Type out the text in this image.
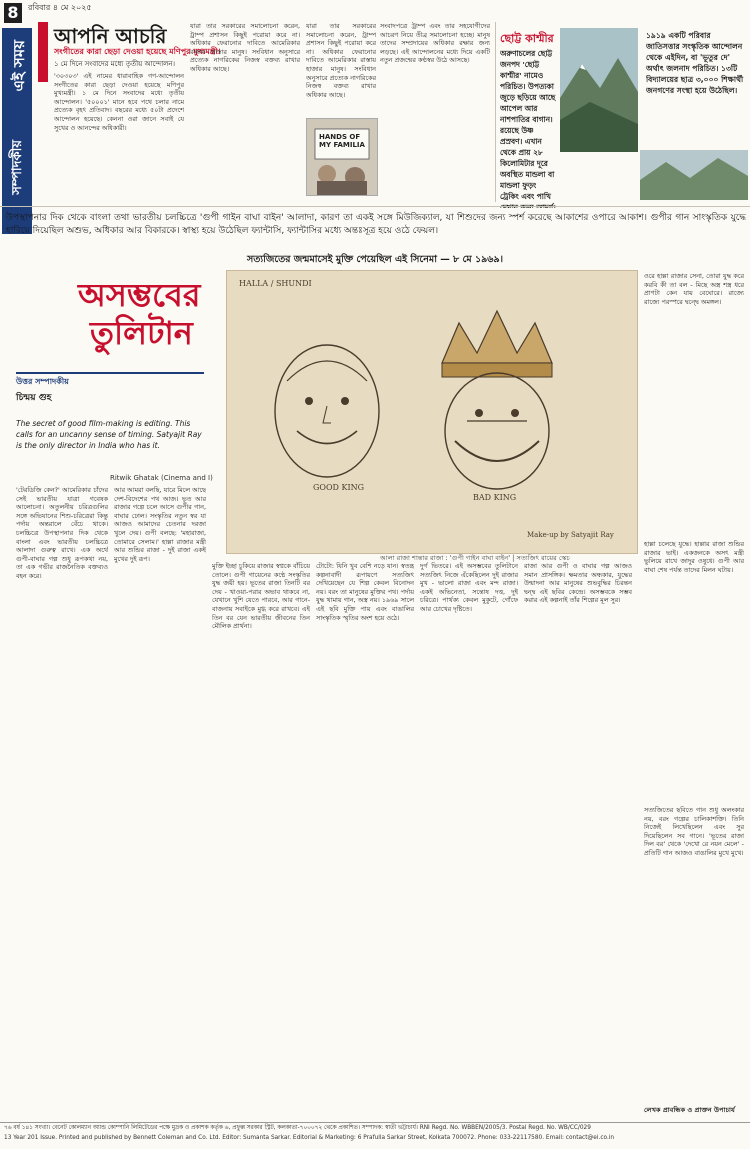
8	রবিবার ৪ মে ২০২৫
এই সময়
সম্পাদকীয়
আপনি আচরি
সংগীতের কারা ছেড়া দেওয়া হয়েছে মণিপুর মুখ্যমন্ত্রী।
১ মে দিনে সংবাদের মধ্যে তৃতীয় আন্দোলন।
'৩০৩০৩' এই নামের ধারাবাহিক গণ-আন্দোলন সংগীতের কারা ছেড়া দেওয়া হয়েছে মণিপুর মুখ্যমন্ত্রী। ১ মে দিনে সংবাদের মধ্যে তৃতীয় আন্দোলন। '৫০০০১' মানে হবে পথে চলার নামে প্রত্যেক বৃহৎ প্রতিবাদ। বছরের মধ্যে ৫০টা প্রদেশে আন্দোলন হয়েছে। কেননা ওরা জানে সবাই যে সুখের ও আনন্দের অধিকারী।
যারা তার সরকারের সমালোচনা করেন, ট্রাম্প প্রশাসন কিছুই পরোয়া করে না। অধিকার ফেরানোর দাবিতে আমেরিকার রাস্তায় হাজার মানুষ। সংবিধান অনুসারে প্রত্যেক নাগরিকের নিজস্ব বক্তব্য রাখার অধিকার আছে।
যারা তার সরকারের সমালোচনা করেন, ট্রাম্প প্রশাসন কিছুই পরোয়া করে না। অধিকার ফেরানোর দাবিতে আমেরিকার রাস্তায় হাজার মানুষ। সংবিধান অনুসারে প্রত্যেক নাগরিকের নিজস্ব বক্তব্য রাখার অধিকার আছে।
HANDS OF MY FAMILIA
সংবাদপত্রে ট্রাম্প এবং তার সহযোগীদের আচরণ নিয়ে তীব্র সমালোচনা হচ্ছে। মানুষ তাদের সম্প্রদায়ের অধিকার রক্ষার জন্য লড়ছে। এই আন্দোলনের মধ্যে দিয়ে একটি নতুন প্রজন্মের কণ্ঠস্বর উঠে আসছে।
ছোট্ট কাশ্মীর
অরুণাচলের ছোট্ট জনপদ 'ছোট্ট কাশ্মীর' নামেও পরিচিত। উপত্যকা জুড়ে ছড়িয়ে আছে আপেল আর নাশপাতির বাগান। রয়েছে উষ্ণ প্রস্রবণ। এখান থেকে প্রায় ২৮ কিলোমিটার দূরে অবস্থিত মান্ডলা বা মান্ডলা ফুড়ং ট্রেকিং এবং পাখি
১৯১৯ একটি পরিবার জাতিসত্তার সংস্কৃতিক আন্দোলন থেকে এইদিন, বা 'ভূতুর দে' অর্থাৎ জলনাদ পরিচিত। ১৩টি বিদ্যালয়ের ছাত্র ৩,০০০ শিক্ষার্থী জনগণের সংস্থা হয়ে উঠেছিল।
উপস্থাপনার দিক থেকে বাংলা তথা ভারতীয় চলচ্চিত্রে 'গুপী গাইন বাঘা বাইন' আলাদা, কারণ তা একই সঙ্গে মিউজিক্যাল, যা শিশুদের জন্য স্পর্শ করেছে আকাশের ওপারে আকাশ। গুপীর গান সাংস্কৃতিক যুদ্ধে হারিয়ে দিয়েছিল অশুভ, অধিকার আর বিকারকে। স্বাস্থ্য হয়ে উঠেছিল ফ্যান্টাসি, ফ্যান্টাসির মধ্যে অন্তঃসূত্র হয়ে ওঠে ফেয়ল।
সত্যজিতের জন্মমাসেই মুক্তি পেয়েছিল এই সিনেমা — ৮ মে ১৯৬৯।
অসম্ভবের
তুলিটান
উত্তর সম্পাদকীয়
চিন্ময় গুহ
The secret of good film-making is editing. This calls for an uncanny sense of timing. Satyajit Ray is the only director in India who has it.
Ritwik Ghatak (Cinema and I)
HALLA / SHUNDI
GOOD KING
BAD KING
Make-up by Satyajit Ray
আলা রাজা শান্তার রাজা : 'গুপী গাইন বাঘা বাইন' | সত্যজিৎ রায়ের স্কেচ
'টেরডিজি কেন?' আমেরিকার চাঁদের সেই ভারতীয় যাত্রা গবেষক আলোচনা। অতুলনীয় চরিত্রগুলির সঙ্গে অভিযানের শিশু-চরিত্রেরা কিন্তু পর্দায় অন্তরালে বেঁচে থাকে। চলচ্চিত্রে উপস্থাপনার দিক থেকে বাংলা এবং ভারতীয় চলচ্চিত্রে আলাদা গুরুত্ব রাখে। এক অর্থে গুপী-বাঘার গল্প শুধু রূপকথা নয়, তা এক গভীর রাজনৈতিক বক্তব্যও বহন করে।
আর আমরা বলছি, যারে মিলে আছে দেশ-বিদেশের পথ আজ। ভূত আর রাজার গল্পে চলে আসে গুপীর গান, বাঘার ঢোল। সংস্কৃতির নতুন স্বর যা আজও আমাদের চেতনার দরজা খুলে দেয়। গুপী বলছে: 'মহারাজা, তোমারে সেলাম।' হাল্লা রাজার মন্ত্রী আর শুন্ডির রাজা - দুই রাজা একই মুখের দুই রূপ।
মুক্তি ইচ্ছা চুকিয়ে রাজার স্বপ্নকে বাঁচিয়ে তোলে। গুপী গায়েনের কণ্ঠে সংস্কৃতির যুদ্ধ জয়ী হয়। ভূতের রাজা তিনটি বর দেয় - খাওয়া-পরার অভাব থাকবে না, যেখানে খুশি যেতে পারবে, আর গানে-বাজনায় সবাইকে মুগ্ধ করে রাখবে। এই তিন বর যেন ভারতীয় জীবনের তিন মৌলিক প্রার্থনা।
টোটো: যিনি খুব বেশি নড়ে যান। স্বতন্ত্র কল্পনাবাদী রূপায়ণে সত্যজিৎ দেখিয়েছেন যে শিল্প কেবল বিনোদন নয়। বরং তা মানুষের মুক্তির পথ। পর্দায় যুদ্ধ থামায় গান, অস্ত্র নয়। ১৯৬৯ সালে এই ছবি মুক্তি পায় এবং বাঙালির সাংস্কৃতিক স্মৃতির অংশ হয়ে ওঠে।
দুর্গ ভিতরে। এই অসম্ভবের তুলিটানে সত্যজিৎ নিজে এঁকেছিলেন দুই রাজার মুখ - ভালো রাজা এবং মন্দ রাজা। একই অভিনেতা, সন্তোষ দত্ত, দুই চরিত্রে। পার্থক্য কেবল মুকুটে, গোঁফে আর চোখের দৃষ্টিতে।
রাজা আর গুপী ও বাঘার গল্প আজও সমান প্রাসঙ্গিক। ক্ষমতার অন্ধকার, যুদ্ধের উন্মাদনা আর মানুষের শুভবুদ্ধির চিরন্তন দ্বন্দ্ব এই ছবির কেন্দ্রে। অসম্ভবকে সম্ভব করার এই কল্পনাই তাঁর শিল্পের মূল সুর।
ওরে হাল্লা রাজার সেনা, তোরা যুদ্ধ করে করবি কী তা বল - মিছে অস্ত্র শস্ত্র ধরে প্রাণটা কেন যায় বেঘোরে। রাজ্যে রাজ্যে পরস্পরে দ্বন্দ্বে অমঙ্গল।
হাল্লা চলেছে যুদ্ধে। হাল্লার রাজা শুন্ডির রাজার ভাই। একজনকে অসৎ মন্ত্রী ভুলিয়ে রাখে জাদুর ওষুধে। গুপী আর বাঘা শেষ পর্যন্ত তাদের মিলন ঘটায়।
সত্যজিতের ছবিতে গান শুধু অলংকার নয়, বরং গল্পের চালিকাশক্তি। তিনি নিজেই লিখেছিলেন এবং সুর দিয়েছিলেন সব গানে। 'ভূতের রাজা দিল বর' থেকে 'দেখো রে নয়ন মেলে' - প্রতিটি গান আজও বাঙালির মুখে মুখে।
লেখক প্রাবন্ধিক ও প্রাক্তন উপাচার্য
৭৬ বর্ষ ১৪১ সংখ্যা। বেনেট কোলম্যান অ্যান্ড কোম্পানি লিমিটেডের পক্ষে মুদ্রক ও প্রকাশক কর্তৃক ৬, প্রফুল্ল সরকার স্ট্রিট, কলকাতা-৭০০০৭২ থেকে প্রকাশিত। সম্পাদক: স্বাতী ভট্টাচার্য। RNI Regd. No. WBBEN/2005/3. Postal Regd. No. WB/CC/029
13 Year 201 Issue. Printed and published by Bennett Coleman and Co. Ltd. Editor: Sumanta Sarkar. Editorial & Marketing: 6 Prafulla Sarkar Street, Kolkata 700072. Phone: 033-22117580. Email: contact@ei.co.in
